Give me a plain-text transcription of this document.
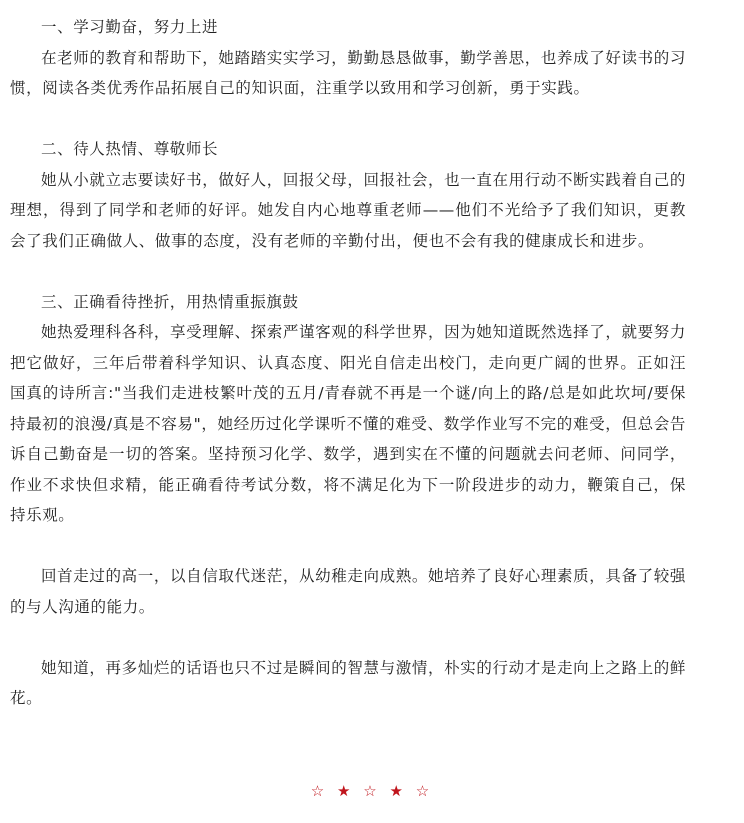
一、学习勤奋，努力上进

在老师的教育和帮助下，她踏踏实实学习，勤勤恳恳做事，勤学善思，也养成了好读书的习惯，阅读各类优秀作品拓展自己的知识面，注重学以致用和学习创新，勇于实践。

二、待人热情、尊敬师长

她从小就立志要读好书，做好人，回报父母，回报社会，也一直在用行动不断实践着自己的理想，得到了同学和老师的好评。她发自内心地尊重老师——他们不光给予了我们知识，更教会了我们正确做人、做事的态度，没有老师的辛勤付出，便也不会有我的健康成长和进步。

三、正确看待挫折，用热情重振旗鼓

她热爱理科各科，享受理解、探索严谨客观的科学世界，因为她知道既然选择了，就要努力把它做好，三年后带着科学知识、认真态度、阳光自信走出校门，走向更广阔的世界。正如汪国真的诗所言:"当我们走进枝繁叶茂的五月/青春就不再是一个谜/向上的路/总是如此坎坷/要保持最初的浪漫/真是不容易"，她经历过化学课听不懂的难受、数学作业写不完的难受，但总会告诉自己勤奋是一切的答案。坚持预习化学、数学，遇到实在不懂的问题就去问老师、问同学，作业不求快但求精，能正确看待考试分数，将不满足化为下一阶段进步的动力，鞭策自己，保持乐观。

回首走过的高一，以自信取代迷茫，从幼稚走向成熟。她培养了良好心理素质，具备了较强的与人沟通的能力。

她知道，再多灿烂的话语也只不过是瞬间的智慧与激情，朴实的行动才是走向上之路上的鲜花。

☆ ★ ☆ ★ ☆
